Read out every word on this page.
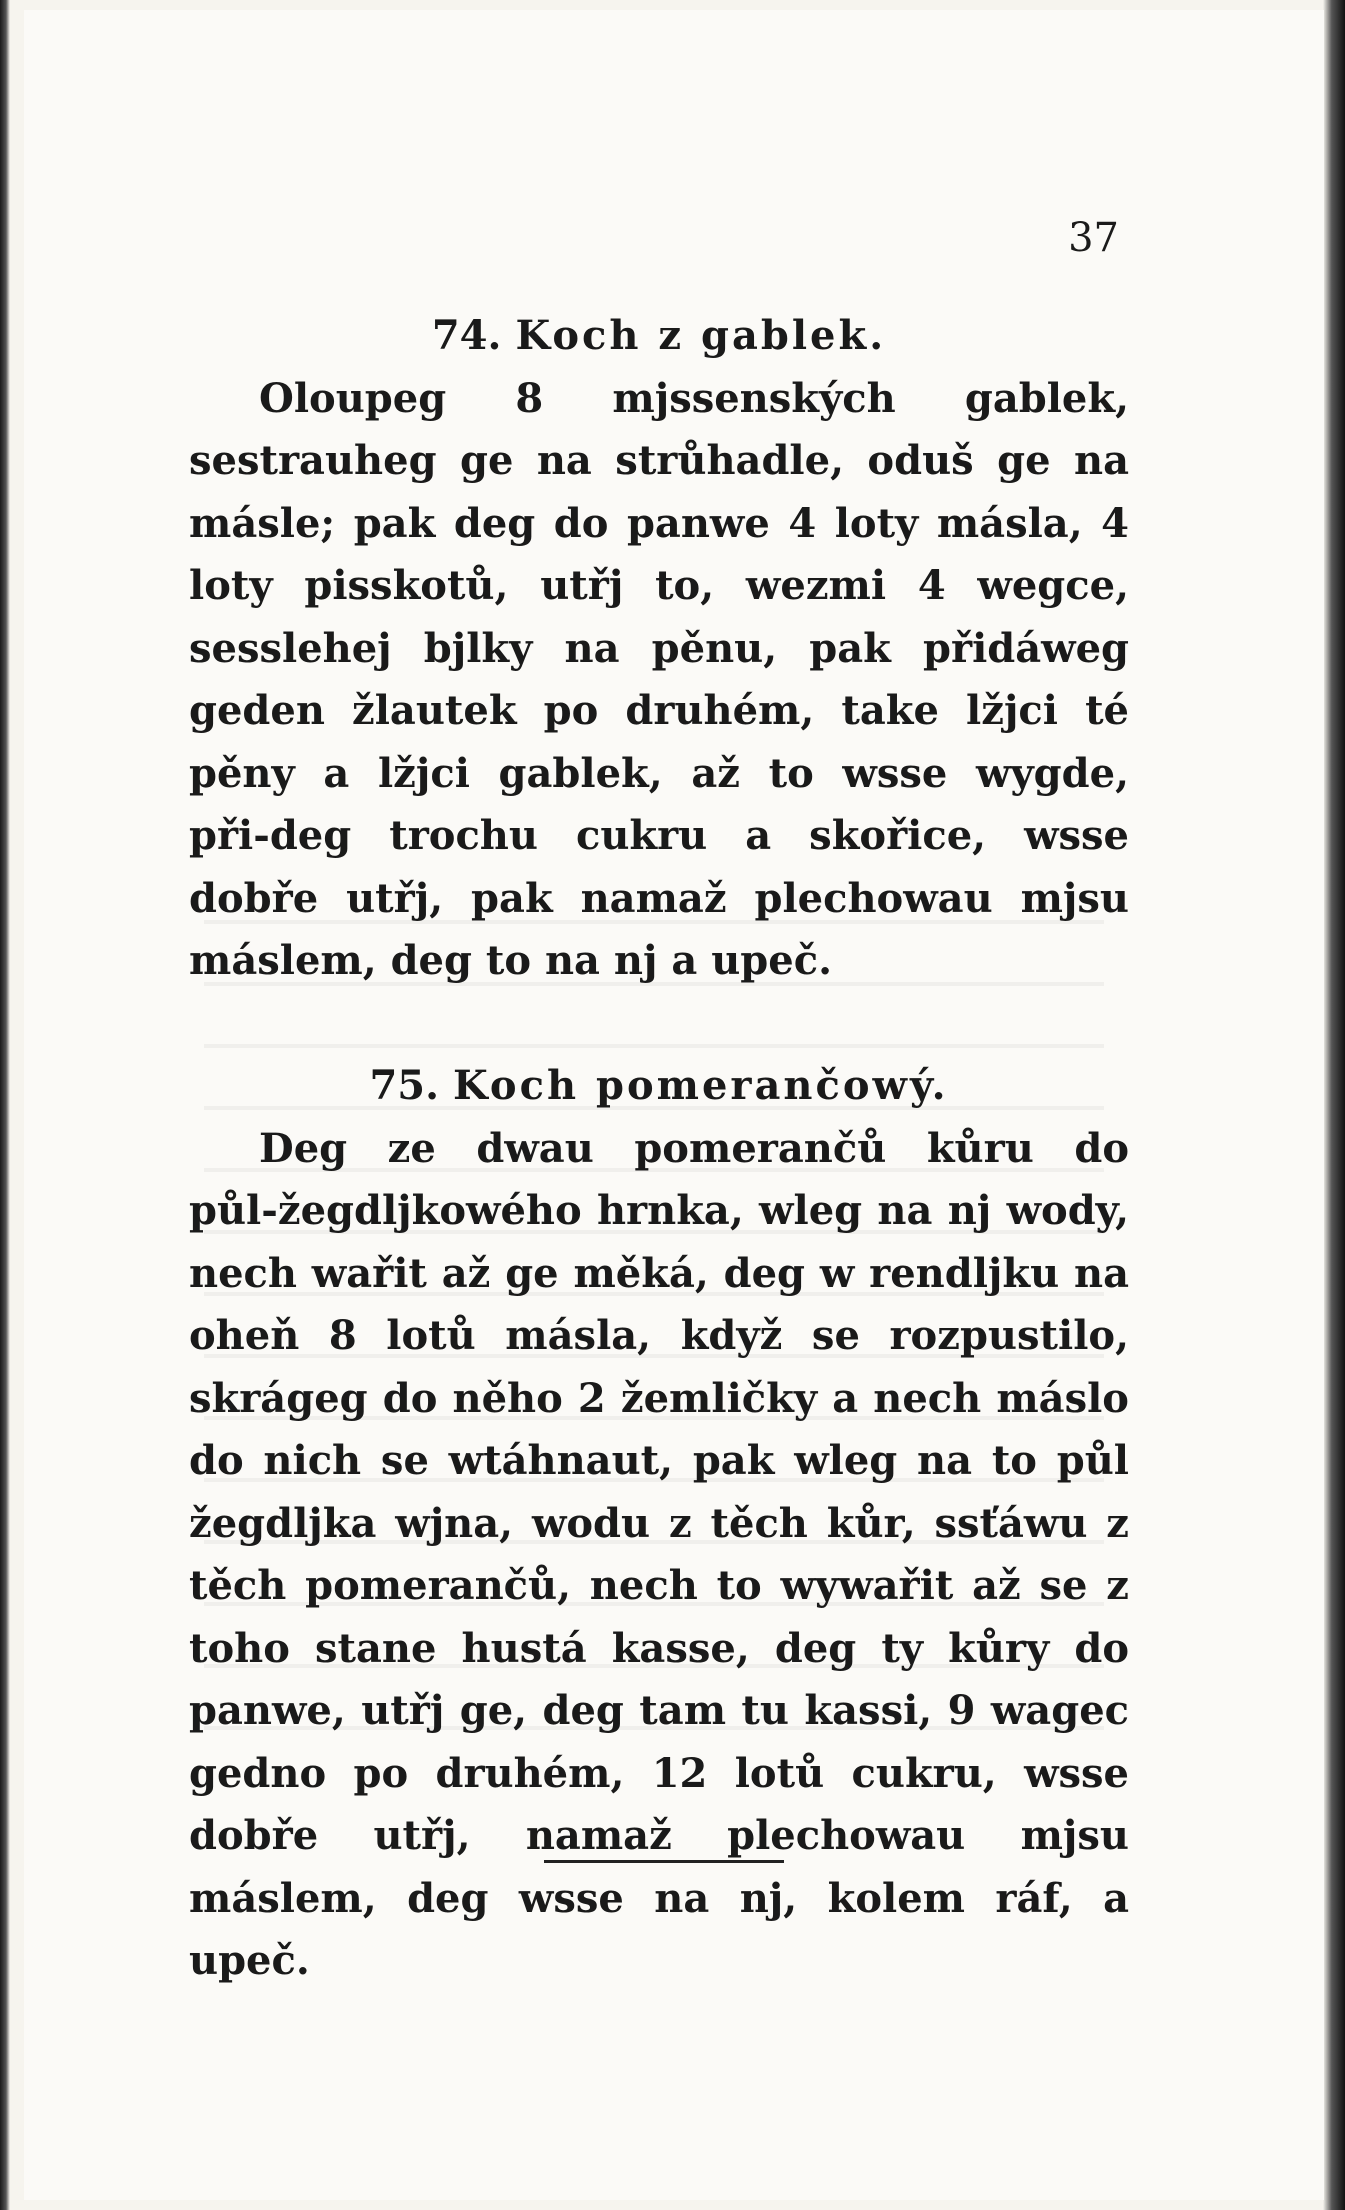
37

74. Koch z gablek.

Oloupeg 8 mjssenských gablek, sestrauheg ge na strůhadle, oduš ge na másle; pak deg do panwe 4 loty másla, 4 loty pisskotů, utřj to, wezmi 4 wegce, sesslehej bjlky na pěnu, pak přidáweg geden žlautek po druhém, take lžjci té pěny a lžjci gablek, až to wsse wygde, při‑deg trochu cukru a skořice, wsse dobře utřj, pak namaž plechowau mjsu máslem, deg to na nj a upeč.

75. Koch pomerančowý.

Deg ze dwau pomerančů kůru do půl‑žegdljkowého hrnka, wleg na nj wody, nech wařit až ge měká, deg w rendljku na oheň 8 lotů másla, když se rozpustilo, skrágeg do něho 2 žemličky a nech máslo do nich se wtáhnaut, pak wleg na to půl žegdljka wjna, wodu z těch kůr, ssťáwu z těch pomerančů, nech to wywařit až se z toho stane hustá kasse, deg ty kůry do panwe, utřj ge, deg tam tu kassi, 9 wagec gedno po druhém, 12 lotů cukru, wsse dobře utřj, namaž plechowau mjsu máslem, deg wsse na nj, kolem ráf, a upeč.
